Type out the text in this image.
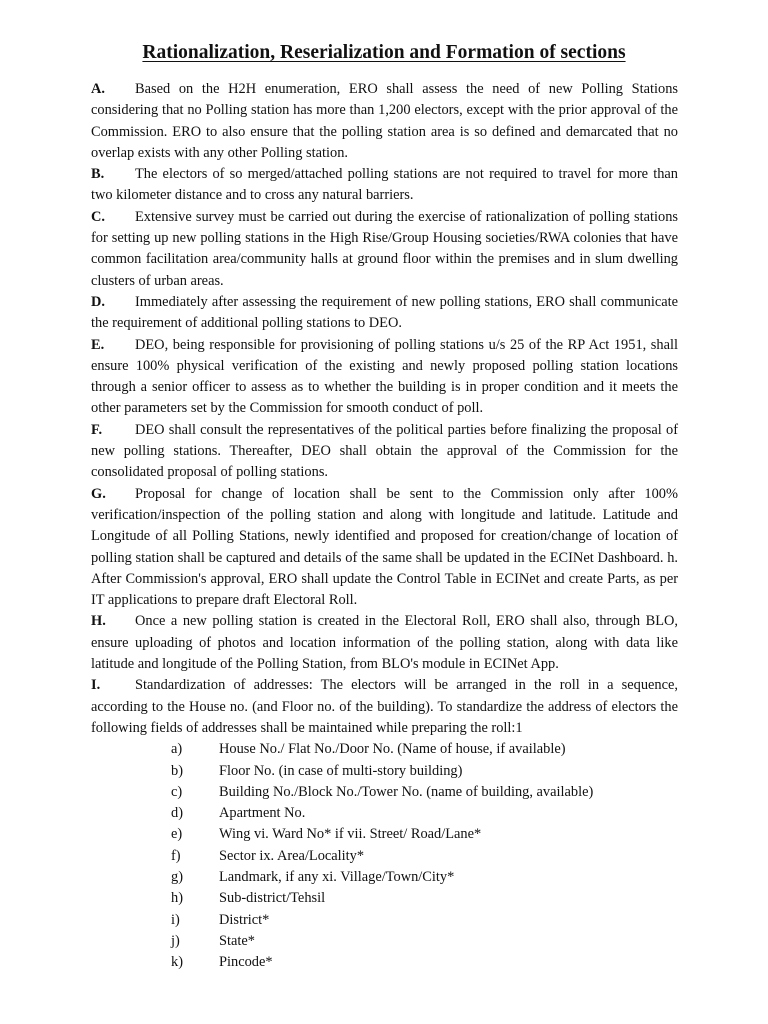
Rationalization, Reserialization and Formation of sections

A. Based on the H2H enumeration, ERO shall assess the need of new Polling Stations considering that no Polling station has more than 1,200 electors, except with the prior approval of the Commission. ERO to also ensure that the polling station area is so defined and demarcated that no overlap exists with any other Polling station.

B. The electors of so merged/attached polling stations are not required to travel for more than two kilometer distance and to cross any natural barriers.

C. Extensive survey must be carried out during the exercise of rationalization of polling stations for setting up new polling stations in the High Rise/Group Housing societies/RWA colonies that have common facilitation area/community halls at ground floor within the premises and in slum dwelling clusters of urban areas.

D. Immediately after assessing the requirement of new polling stations, ERO shall communicate the requirement of additional polling stations to DEO.

E. DEO, being responsible for provisioning of polling stations u/s 25 of the RP Act 1951, shall ensure 100% physical verification of the existing and newly proposed polling station locations through a senior officer to assess as to whether the building is in proper condition and it meets the other parameters set by the Commission for smooth conduct of poll.

F. DEO shall consult the representatives of the political parties before finalizing the proposal of new polling stations. Thereafter, DEO shall obtain the approval of the Commission for the consolidated proposal of polling stations.

G. Proposal for change of location shall be sent to the Commission only after 100% verification/inspection of the polling station and along with longitude and latitude. Latitude and Longitude of all Polling Stations, newly identified and proposed for creation/change of location of polling station shall be captured and details of the same shall be updated in the ECINet Dashboard. h. After Commission's approval, ERO shall update the Control Table in ECINet and create Parts, as per IT applications to prepare draft Electoral Roll.

H. Once a new polling station is created in the Electoral Roll, ERO shall also, through BLO, ensure uploading of photos and location information of the polling station, along with data like latitude and longitude of the Polling Station, from BLO's module in ECINet App.

I. Standardization of addresses: The electors will be arranged in the roll in a sequence, according to the House no. (and Floor no. of the building). To standardize the address of electors the following fields of addresses shall be maintained while preparing the roll:1

a)	House No./ Flat No./Door No. (Name of house, if available)
b)	Floor No. (in case of multi-story building)
c)	Building No./Block No./Tower No. (name of building, available)
d)	Apartment No.
e)	Wing vi. Ward No* if vii. Street/ Road/Lane*
f)	Sector ix. Area/Locality*
g)	Landmark, if any xi. Village/Town/City*
h)	Sub-district/Tehsil
i)	District*
j)	State*
k)	Pincode*
